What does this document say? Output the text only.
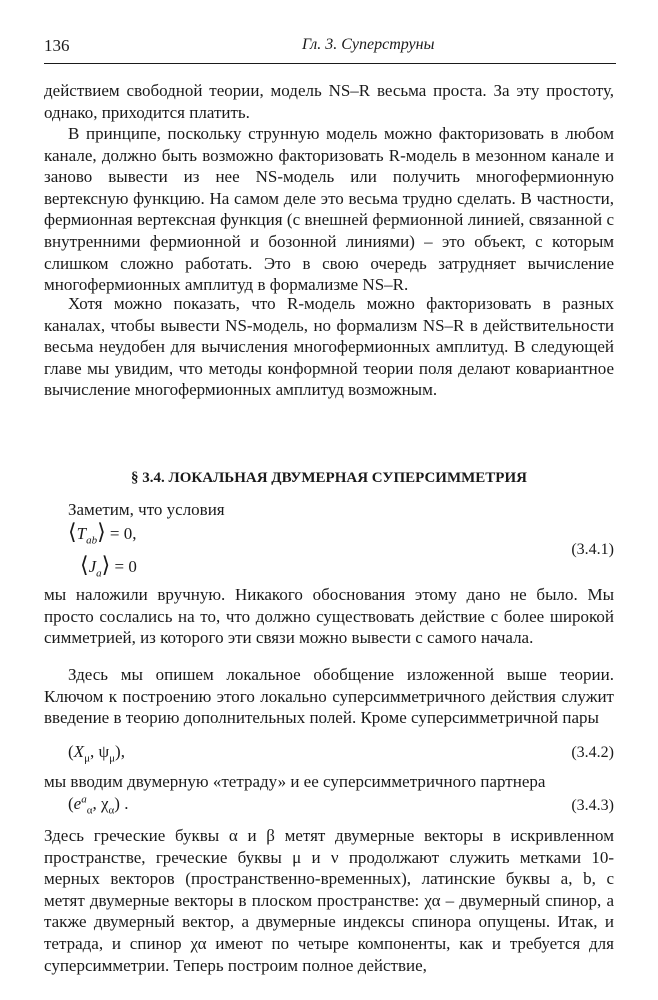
136	Гл. 3. Суперструны

действием свободной теории, модель NS–R весьма проста. За эту простоту, однако, приходится платить.

В принципе, поскольку струнную модель можно факторизовать в любом канале, должно быть возможно факторизовать R-модель в мезонном канале и заново вывести из нее NS-модель или получить многофермионную вертексную функцию. На самом деле это весьма трудно сделать. В частности, фермионная вертексная функция (с внешней фермионной линией, связанной с внутренними фермионной и бозонной линиями) – это объект, с которым слишком сложно работать. Это в свою очередь затрудняет вычисление многофермионных амплитуд в формализме NS–R.

Хотя можно показать, что R-модель можно факторизовать в разных каналах, чтобы вывести NS-модель, но формализм NS–R в действительности весьма неудобен для вычисления многофермионных амплитуд. В следующей главе мы увидим, что методы конформной теории поля делают ковариантное вычисление многофермионных амплитуд возможным.

§ 3.4. ЛОКАЛЬНАЯ ДВУМЕРНАЯ СУПЕРСИММЕТРИЯ

Заметим, что условия

$⟨T_{ab}⟩ = 0$,
$⟨J_a⟩ = 0$
(3.4.1)

мы наложили вручную. Никакого обоснования этому дано не было. Мы просто сослались на то, что должно существовать действие с более широкой симметрией, из которого эти связи можно вывести с самого начала.

Здесь мы опишем локальное обобщение изложенной выше теории. Ключом к построению этого локально суперсимметричного действия служит введение в теорию дополнительных полей. Кроме суперсимметричной пары

($X_\mu$, $\psi_\mu$),	(3.4.2)

мы вводим двумерную «тетраду» и ее суперсимметричного партнера

($e^a_\alpha$, $\chi_\alpha$) .	(3.4.3)

Здесь греческие буквы α и β метят двумерные векторы в искривленном пространстве, греческие буквы μ и ν продолжают служить метками 10-мерных векторов (пространственно-временных), латинские буквы a, b, c метят двумерные векторы в плоском пространстве: χα – двумерный спинор, а также двумерный вектор, а двумерные индексы спинора опущены. Итак, и тетрада, и спинор χα имеют по четыре компоненты, как и требуется для суперсимметрии. Теперь построим полное действие,
